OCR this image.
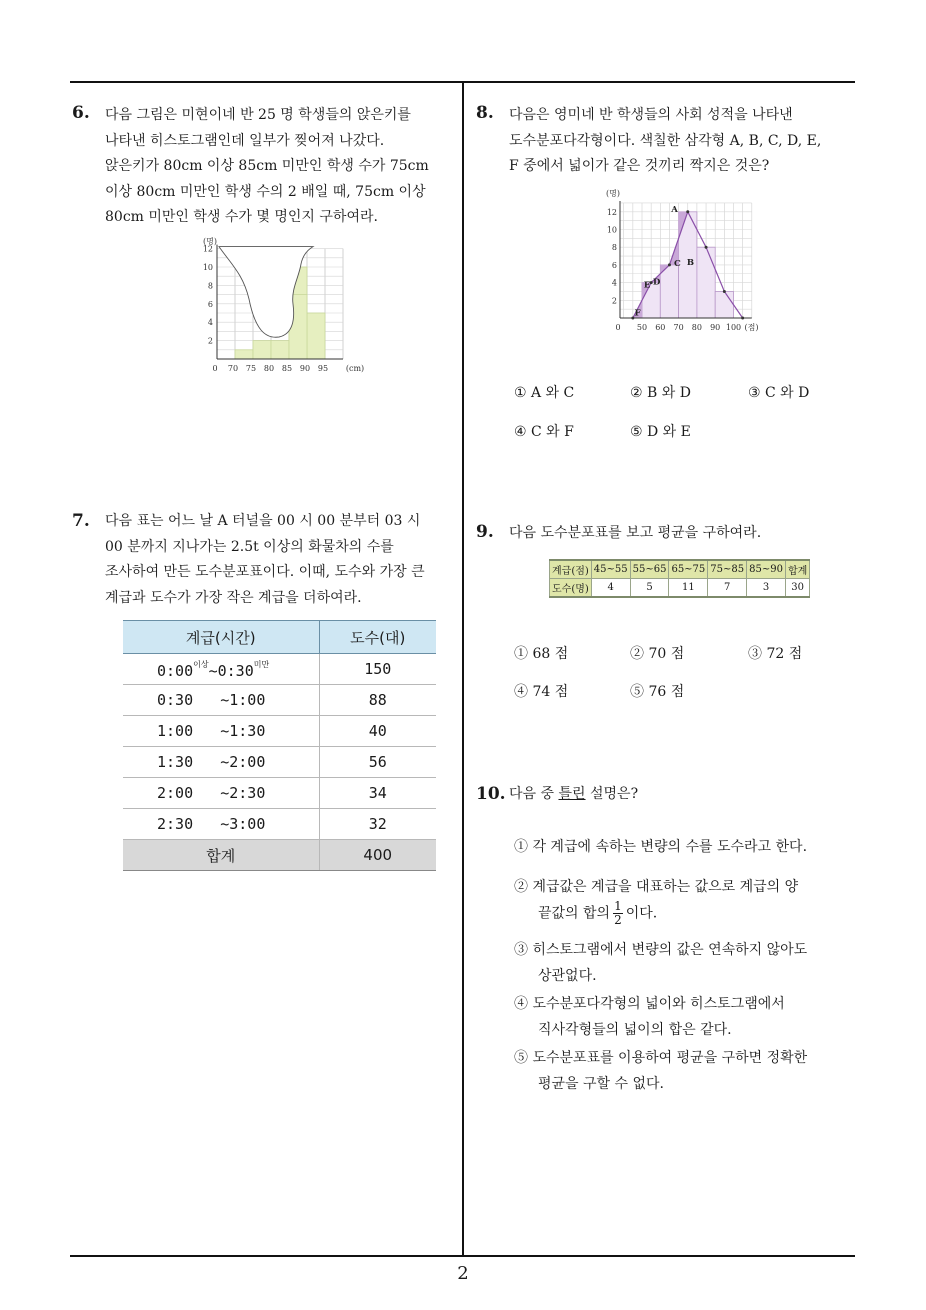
2
6. 다음 그림은 미현이네 반 25 명 학생들의 앉은키를
나타낸 히스토그램인데 일부가 찢어져 나갔다.
앉은키가 80cm 이상 85cm 미만인 학생 수가 75cm
이상 80cm 미만인 학생 수의 2 배일 때, 75cm 이상
80cm 미만인 학생 수가 몇 명인지 구하여라.
(명)
2
4
6
8
10
12
0 70 75 80 85 90 95 (cm)
7. 다음 표는 어느 날 A 터널을 00 시 00 분부터 03 시
00 분까지 지나가는 2.5t 이상의 화물차의 수를
조사하여 만든 도수분포표이다. 이때, 도수와 가장 큰
계급과 도수가 가장 작은 계급을 더하여라.
계급(시간)	도수(대)
$0:00^{이상}\sim 0:30^{미만}$	150
0:30 ~1:00	88
1:00 ~1:30	40
1:30 ~2:00	56
2:00 ~2:30	34
2:30 ~3:00	32
합계	400
8. 다음은 영미네 반 학생들의 사회 성적을 나타낸
도수분포다각형이다. 색칠한 삼각형 A, B, C, D, E,
F 중에서 넓이가 같은 것끼리 짝지은 것은?
(명)
2
4
6
8
10
12
0 50 60 70 80 90 100 (점)
A
B
C
D
E
F
① A 와 C	② B 와 D	③ C 와 D
④ C 와 F	⑤ D 와 E
9. 다음 도수분포표를 보고 평균을 구하여라.
계급(점)	45~55	55~65	65~75	75~85	85~90	합계
도수(명)	4	5	11	7	3	30
① 68 점	② 70 점	③ 72 점
④ 74 점	⑤ 76 점
10. 다음 중 틀린 설명은?
① 각 계급에 속하는 변량의 수를 도수라고 한다.
② 계급값은 계급을 대표하는 값으로 계급의 양
끝값의 합의 $\frac{1}{2}$ 이다.
③ 히스토그램에서 변량의 값은 연속하지 않아도
상관없다.
④ 도수분포다각형의 넓이와 히스토그램에서
직사각형들의 넓이의 합은 같다.
⑤ 도수분포표를 이용하여 평균을 구하면 정확한
평균을 구할 수 없다.
